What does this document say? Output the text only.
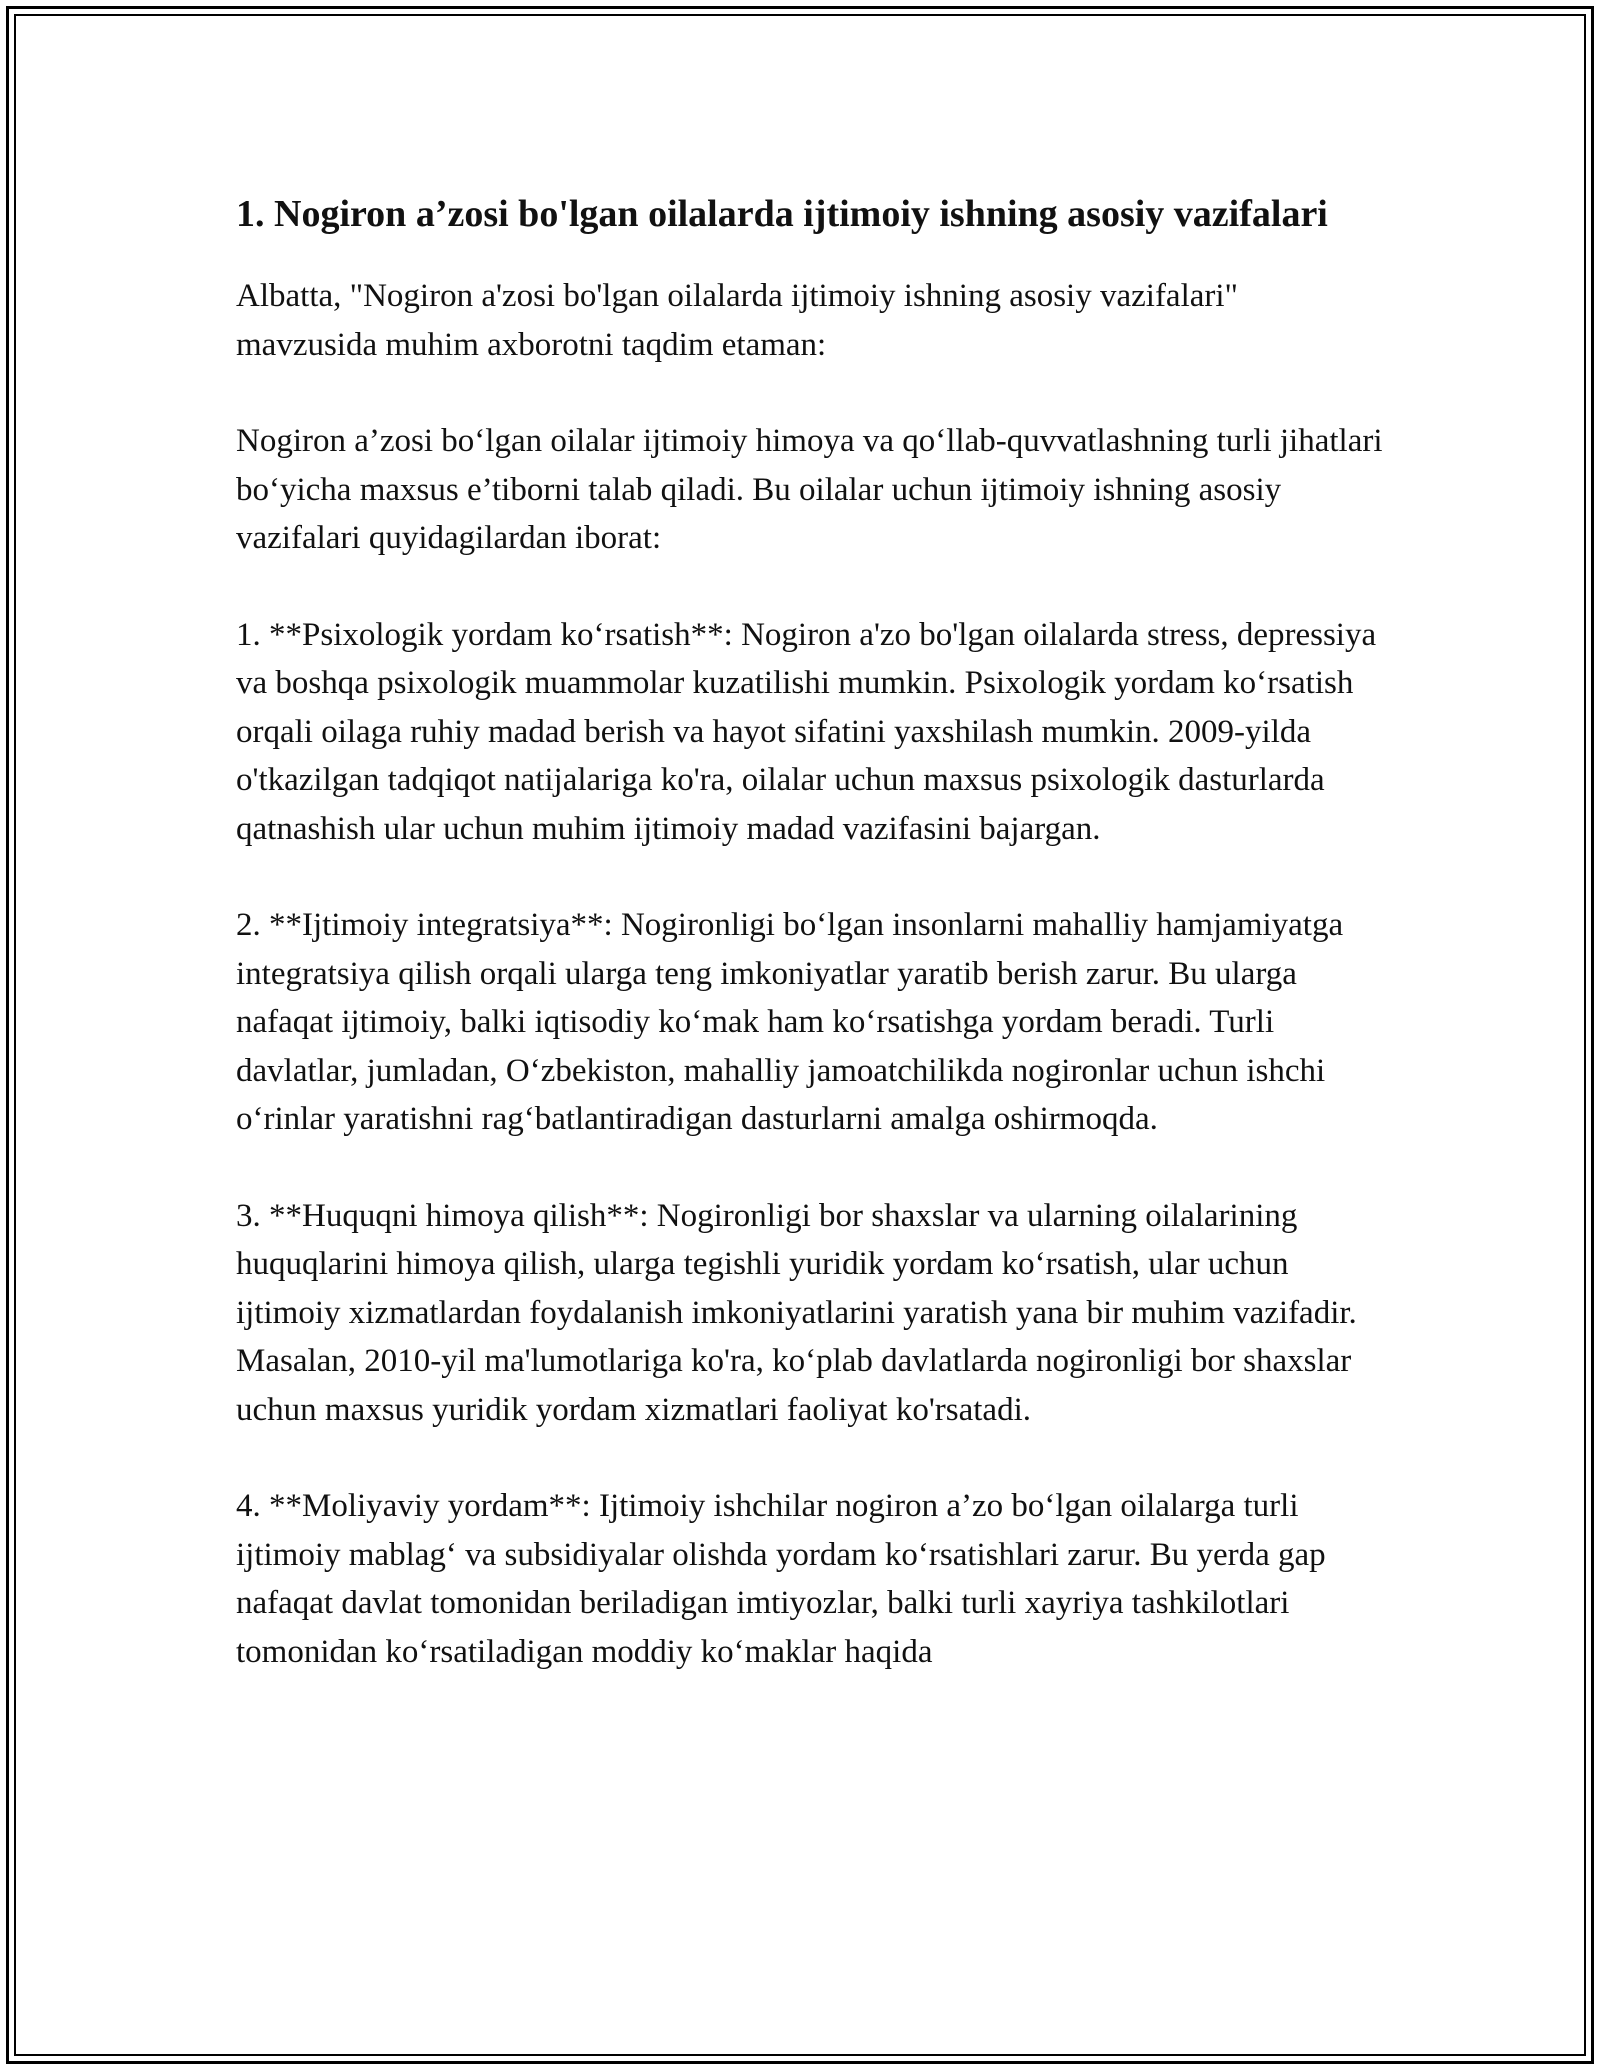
1. Nogiron a’zosi bo'lgan oilalarda ijtimoiy ishning asosiy vazifalari

Albatta, "Nogiron a'zosi bo'lgan oilalarda ijtimoiy ishning asosiy vazifalari" mavzusida muhim axborotni taqdim etaman:

Nogiron a’zosi bo‘lgan oilalar ijtimoiy himoya va qo‘llab-quvvatlashning turli jihatlari bo‘yicha maxsus e’tiborni talab qiladi. Bu oilalar uchun ijtimoiy ishning asosiy vazifalari quyidagilardan iborat:

1. **Psixologik yordam ko‘rsatish**: Nogiron a'zo bo'lgan oilalarda stress, depressiya va boshqa psixologik muammolar kuzatilishi mumkin. Psixologik yordam ko‘rsatish orqali oilaga ruhiy madad berish va hayot sifatini yaxshilash mumkin. 2009-yilda o'tkazilgan tadqiqot natijalariga ko'ra, oilalar uchun maxsus psixologik dasturlarda qatnashish ular uchun muhim ijtimoiy madad vazifasini bajargan.

2. **Ijtimoiy integratsiya**: Nogironligi bo‘lgan insonlarni mahalliy hamjamiyatga integratsiya qilish orqali ularga teng imkoniyatlar yaratib berish zarur. Bu ularga nafaqat ijtimoiy, balki iqtisodiy ko‘mak ham ko‘rsatishga yordam beradi. Turli davlatlar, jumladan, O‘zbekiston, mahalliy jamoatchilikda nogironlar uchun ishchi o‘rinlar yaratishni rag‘batlantiradigan dasturlarni amalga oshirmoqda.

3. **Huquqni himoya qilish**: Nogironligi bor shaxslar va ularning oilalarining huquqlarini himoya qilish, ularga tegishli yuridik yordam ko‘rsatish, ular uchun ijtimoiy xizmatlardan foydalanish imkoniyatlarini yaratish yana bir muhim vazifadir. Masalan, 2010-yil ma'lumotlariga ko'ra, ko‘plab davlatlarda nogironligi bor shaxslar uchun maxsus yuridik yordam xizmatlari faoliyat ko'rsatadi.

4. **Moliyaviy yordam**: Ijtimoiy ishchilar nogiron a’zo bo‘lgan oilalarga turli ijtimoiy mablag‘ va subsidiyalar olishda yordam ko‘rsatishlari zarur. Bu yerda gap nafaqat davlat tomonidan beriladigan imtiyozlar, balki turli xayriya tashkilotlari tomonidan ko‘rsatiladigan moddiy ko‘maklar haqida
